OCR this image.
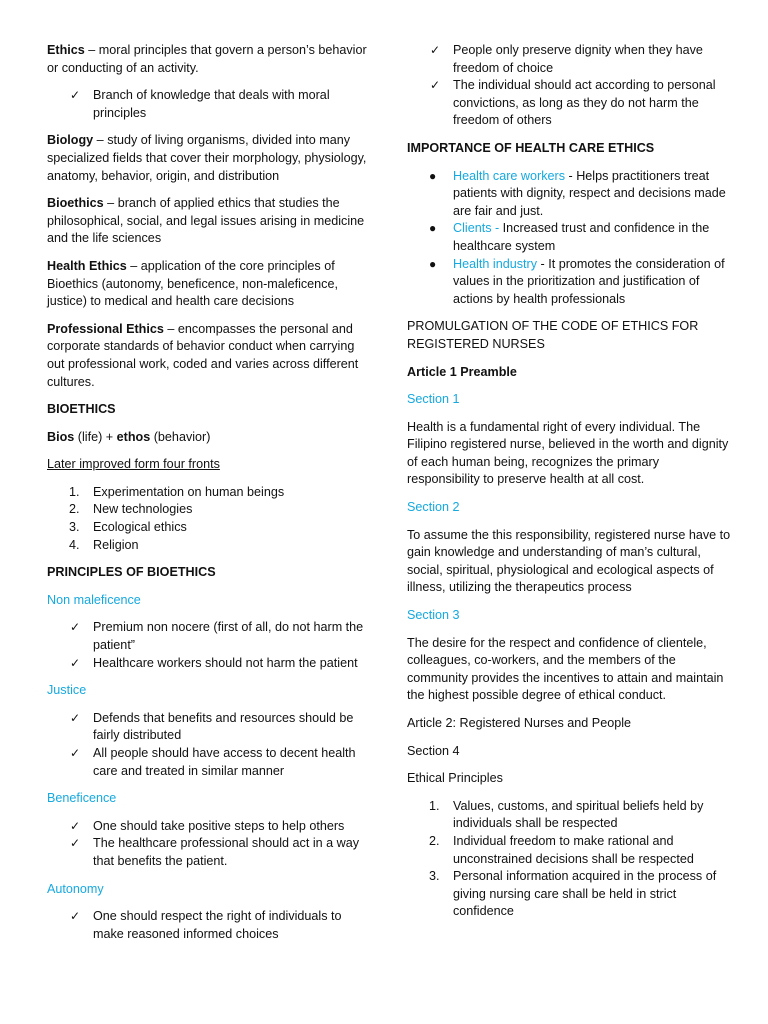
Ethics – moral principles that govern a person’s behavior or conducting of an activity.

✓ Branch of knowledge that deals with moral principles

Biology – study of living organisms, divided into many specialized fields that cover their morphology, physiology, anatomy, behavior, origin, and distribution

Bioethics – branch of applied ethics that studies the philosophical, social, and legal issues arising in medicine and the life sciences

Health Ethics – application of the core principles of Bioethics (autonomy, beneficence, non-maleficence, justice) to medical and health care decisions

Professional Ethics – encompasses the personal and corporate standards of behavior conduct when carrying out professional work, coded and varies across different cultures.

BIOETHICS

Bios (life) + ethos (behavior)

Later improved form four fronts

1. Experimentation on human beings
2. New technologies
3. Ecological ethics
4. Religion

PRINCIPLES OF BIOETHICS

Non maleficence

✓ Premium non nocere (first of all, do not harm the patient”
✓ Healthcare workers should not harm the patient

Justice

✓ Defends that benefits and resources should be fairly distributed
✓ All people should have access to decent health care and treated in similar manner

Beneficence

✓ One should take positive steps to help others
✓ The healthcare professional should act in a way that benefits the patient.

Autonomy

✓ One should respect the right of individuals to make reasoned informed choices
✓ People only preserve dignity when they have freedom of choice
✓ The individual should act according to personal convictions, as long as they do not harm the freedom of others

IMPORTANCE OF HEALTH CARE ETHICS

● Health care workers - Helps practitioners treat patients with dignity, respect and decisions made are fair and just.
● Clients - Increased trust and confidence in the healthcare system
● Health industry - It promotes the consideration of values in the prioritization and justification of actions by health professionals

PROMULGATION OF THE CODE OF ETHICS FOR REGISTERED NURSES

Article 1 Preamble

Section 1

Health is a fundamental right of every individual. The Filipino registered nurse, believed in the worth and dignity of each human being, recognizes the primary responsibility to preserve health at all cost.

Section 2

To assume the this responsibility, registered nurse have to gain knowledge and understanding of man’s cultural, social, spiritual, physiological and ecological aspects of illness, utilizing the therapeutics process

Section 3

The desire for the respect and confidence of clientele, colleagues, co-workers, and the members of the community provides the incentives to attain and maintain the highest possible degree of ethical conduct.

Article 2: Registered Nurses and People

Section 4

Ethical Principles

1. Values, customs, and spiritual beliefs held by individuals shall be respected
2. Individual freedom to make rational and unconstrained decisions shall be respected
3. Personal information acquired in the process of giving nursing care shall be held in strict confidence
